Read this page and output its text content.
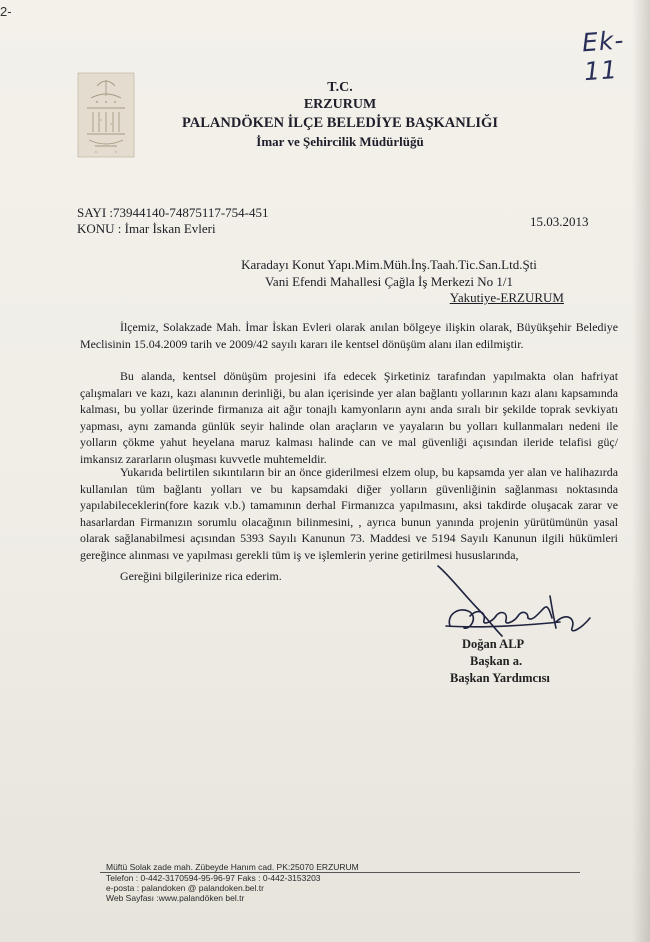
2-
Ek-11
T.C.
ERZURUM
PALANDÖKEN İLÇE BELEDİYE BAŞKANLIĞI
İmar ve Şehircilik Müdürlüğü
SAYI :73944140-74875117-754-451
KONU : İmar İskan Evleri	15.03.2013
Karadayı Konut Yapı.Mim.Müh.İnş.Taah.Tic.San.Ltd.Şti
Vani Efendi Mahallesi Çağla İş Merkezi No 1/1
Yakutiye-ERZURUM
İlçemiz, Solakzade Mah. İmar İskan Evleri olarak anılan bölgeye ilişkin olarak, Büyükşehir Belediye Meclisinin 15.04.2009 tarih ve 2009/42 sayılı kararı ile kentsel dönüşüm alanı ilan edilmiştir.
Bu alanda, kentsel dönüşüm projesini ifa edecek Şirketiniz tarafından yapılmakta olan hafriyat çalışmaları ve kazı, kazı alanının derinliği, bu alan içerisinde yer alan bağlantı yollarının kazı alanı kapsamında kalması, bu yollar üzerinde firmanıza ait ağır tonajlı kamyonların aynı anda sıralı bir şekilde toprak sevkiyatı yapması, aynı zamanda günlük seyir halinde olan araçların ve yayaların bu yolları kullanmaları nedeni ile yolların çökme yahut heyelana maruz kalması halinde can ve mal güvenliği açısından ileride telafisi güç/ imkansız zararların oluşması kuvvetle muhtemeldir.
Yukarıda belirtilen sıkıntıların bir an önce giderilmesi elzem olup, bu kapsamda yer alan ve halihazırda kullanılan tüm bağlantı yolları ve bu kapsamdaki diğer yolların güvenliğinin sağlanması noktasında yapılabileceklerin(fore kazık v.b.) tamamının derhal Firmanızca yapılmasını, aksi takdirde oluşacak zarar ve hasarlardan Firmanızın sorumlu olacağının bilinmesini, , ayrıca bunun yanında projenin yürütümünün yasal olarak sağlanabilmesi açısından 5393 Sayılı Kanunun 73. Maddesi ve 5194 Sayılı Kanunun ilgili hükümleri gereğince alınması ve yapılması gerekli tüm iş ve işlemlerin yerine getirilmesi hususlarında,
Gereğini bilgilerinize rica ederim.
Doğan ALP
Başkan a.
Başkan Yardımcısı
Müftü Solak zade mah. Zübeyde Hanım cad. PK:25070 ERZURUM
Telefon : 0-442-3170594-95-96-97 Faks : 0-442-3153203
e-posta : palandoken @ palandoken.bel.tr
Web Sayfası :www.palandöken bel.tr
